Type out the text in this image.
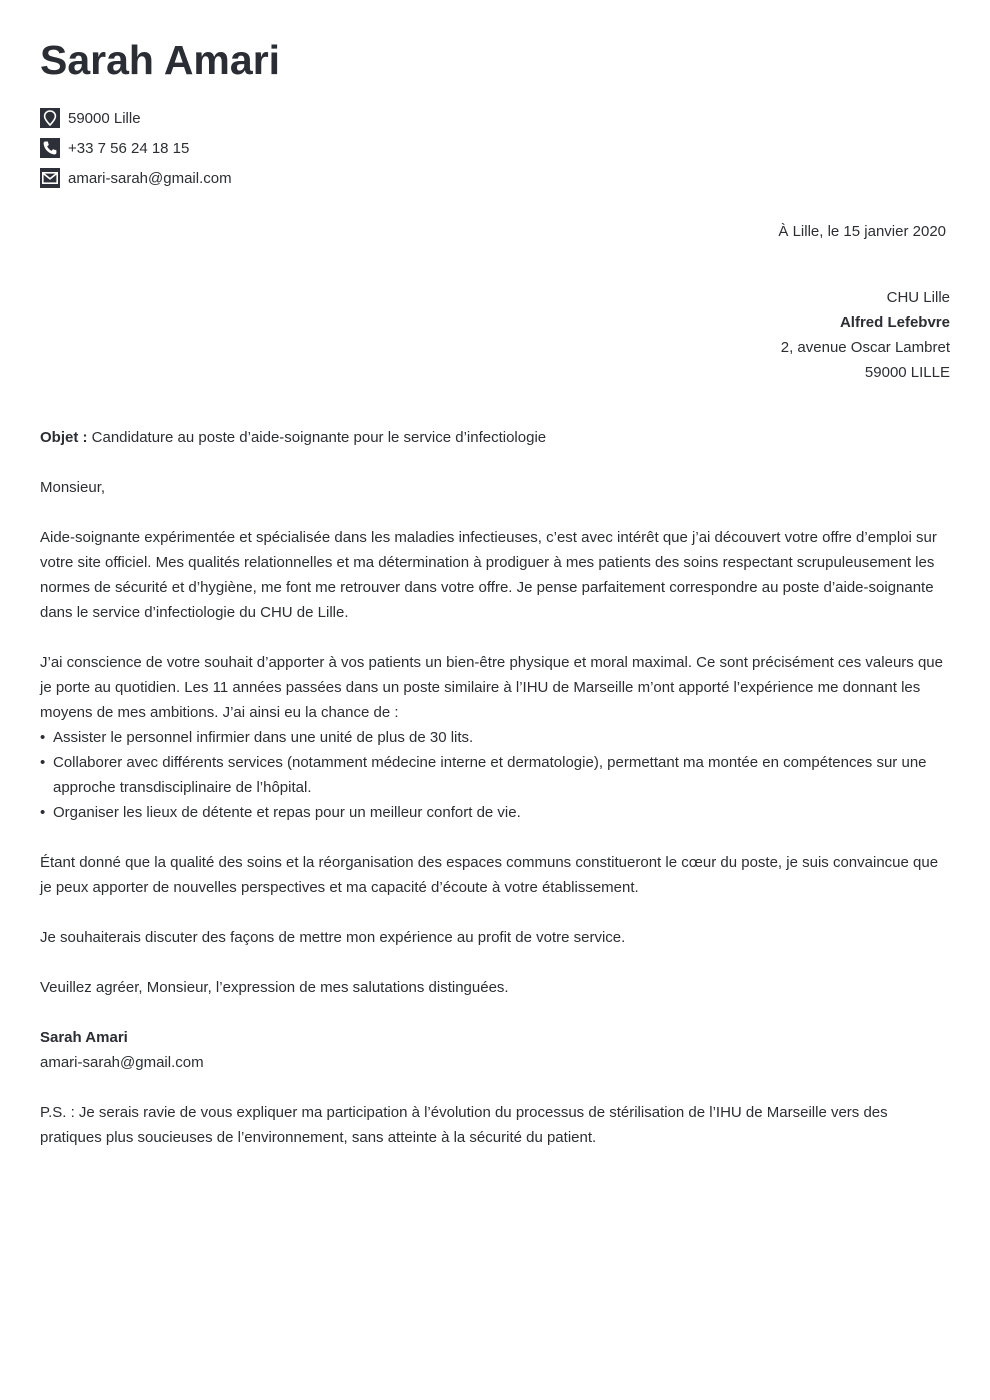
Sarah Amari
59000 Lille
+33 7 56 24 18 15
amari-sarah@gmail.com
À Lille, le 15 janvier 2020
CHU Lille
Alfred Lefebvre
2, avenue Oscar Lambret
59000 LILLE

Objet : Candidature au poste d’aide-soignante pour le service d’infectiologie

Monsieur,

Aide-soignante expérimentée et spécialisée dans les maladies infectieuses, c’est avec intérêt que j’ai découvert votre offre d’emploi sur votre site officiel. Mes qualités relationnelles et ma détermination à prodiguer à mes patients des soins respectant scrupuleusement les normes de sécurité et d’hygiène, me font me retrouver dans votre offre. Je pense parfaitement correspondre au poste d’aide-soignante dans le service d’infectiologie du CHU de Lille.

J’ai conscience de votre souhait d’apporter à vos patients un bien-être physique et moral maximal. Ce sont précisément ces valeurs que je porte au quotidien. Les 11 années passées dans un poste similaire à l’IHU de Marseille m’ont apporté l’expérience me donnant les moyens de mes ambitions. J’ai ainsi eu la chance de :

• Assister le personnel infirmier dans une unité de plus de 30 lits.
• Collaborer avec différents services (notamment médecine interne et dermatologie), permettant ma montée en compétences sur une approche transdisciplinaire de l’hôpital.
• Organiser les lieux de détente et repas pour un meilleur confort de vie.

Étant donné que la qualité des soins et la réorganisation des espaces communs constitueront le cœur du poste, je suis convaincue que je peux apporter de nouvelles perspectives et ma capacité d’écoute à votre établissement.

Je souhaiterais discuter des façons de mettre mon expérience au profit de votre service.

Veuillez agréer, Monsieur, l’expression de mes salutations distinguées.

Sarah Amari

amari-sarah@gmail.com

P.S. : Je serais ravie de vous expliquer ma participation à l’évolution du processus de stérilisation de l’IHU de Marseille vers des pratiques plus soucieuses de l’environnement, sans atteinte à la sécurité du patient.
